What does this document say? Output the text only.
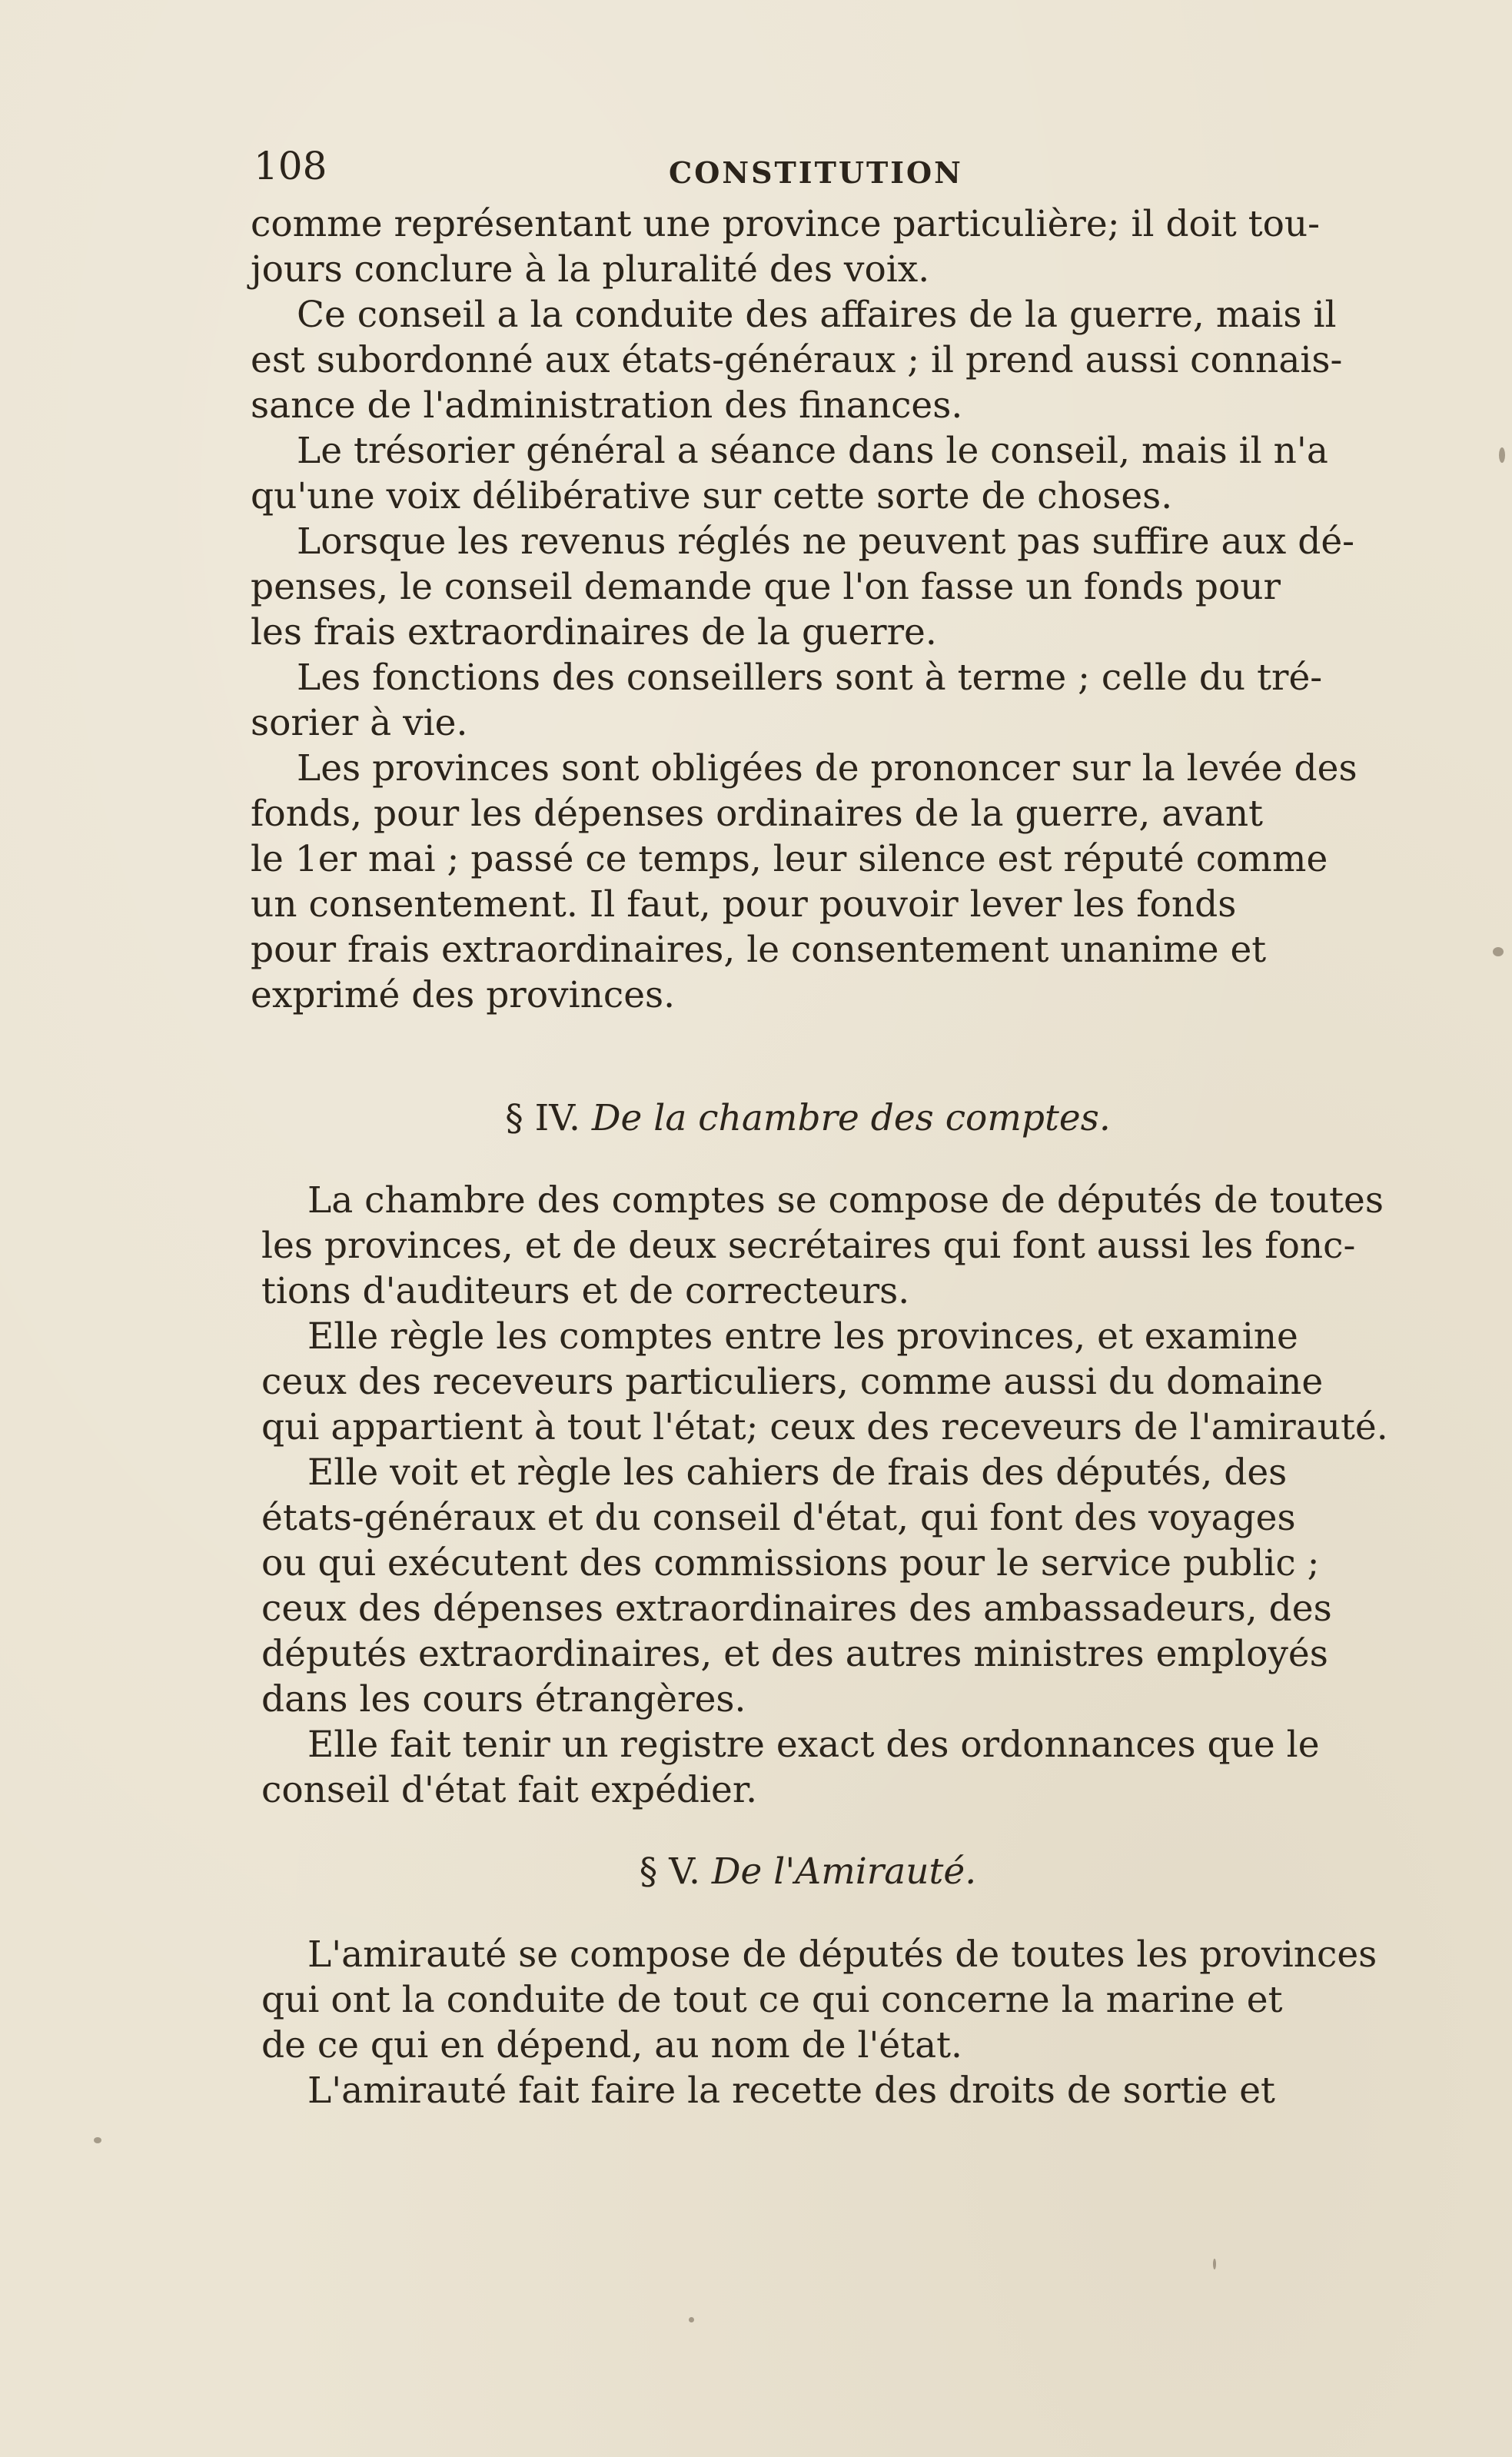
108	CONSTITUTION
comme représentant une province particulière; il doit tou-
jours conclure à la pluralité des voix.
Ce conseil a la conduite des affaires de la guerre, mais il
est subordonné aux états-généraux ; il prend aussi connais-
sance de l'administration des finances.
Le trésorier général a séance dans le conseil, mais il n'a
qu'une voix délibérative sur cette sorte de choses.
Lorsque les revenus réglés ne peuvent pas suffire aux dé-
penses, le conseil demande que l'on fasse un fonds pour
les frais extraordinaires de la guerre.
Les fonctions des conseillers sont à terme ; celle du tré-
sorier à vie.
Les provinces sont obligées de prononcer sur la levée des
fonds, pour les dépenses ordinaires de la guerre, avant
le 1er mai ; passé ce temps, leur silence est réputé comme
un consentement. Il faut, pour pouvoir lever les fonds
pour frais extraordinaires, le consentement unanime et
exprimé des provinces.
§ IV. De la chambre des comptes.
La chambre des comptes se compose de députés de toutes
les provinces, et de deux secrétaires qui font aussi les fonc-
tions d'auditeurs et de correcteurs.
Elle règle les comptes entre les provinces, et examine
ceux des receveurs particuliers, comme aussi du domaine
qui appartient à tout l'état; ceux des receveurs de l'amirauté.
Elle voit et règle les cahiers de frais des députés, des
états-généraux et du conseil d'état, qui font des voyages
ou qui exécutent des commissions pour le service public ;
ceux des dépenses extraordinaires des ambassadeurs, des
députés extraordinaires, et des autres ministres employés
dans les cours étrangères.
Elle fait tenir un registre exact des ordonnances que le
conseil d'état fait expédier.
§ V. De l'Amirauté.
L'amirauté se compose de députés de toutes les provinces
qui ont la conduite de tout ce qui concerne la marine et
de ce qui en dépend, au nom de l'état.
L'amirauté fait faire la recette des droits de sortie et
